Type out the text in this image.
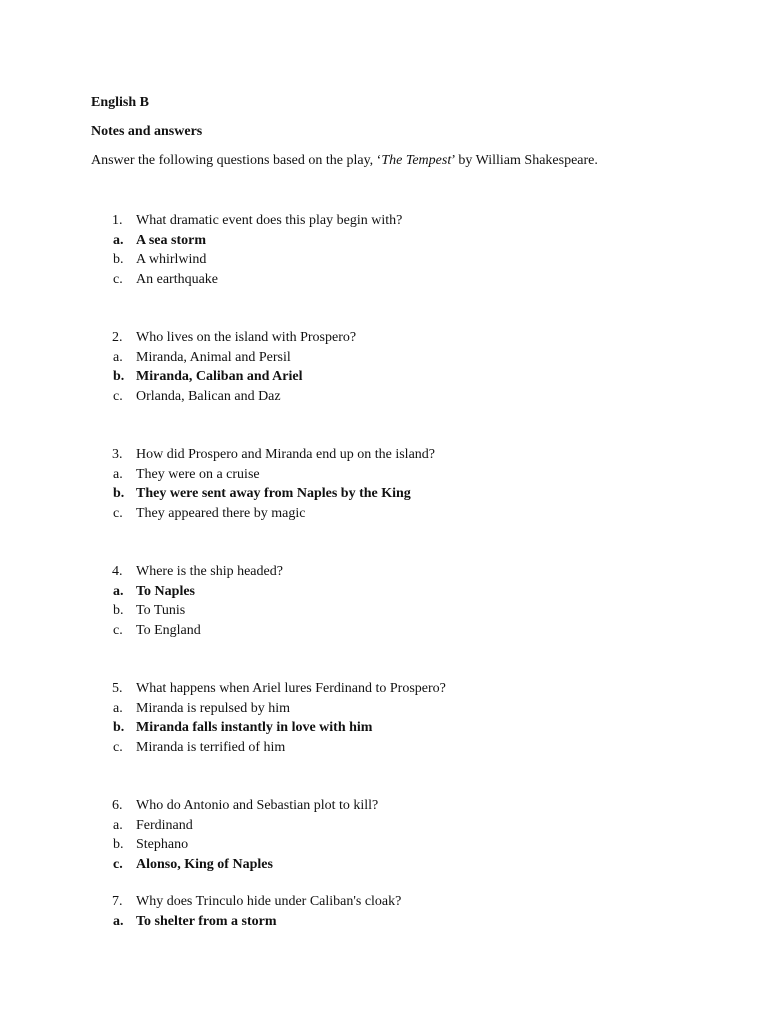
English B
Notes and answers
Answer the following questions based on the play, ‘The Tempest’ by William Shakespeare.
1. What dramatic event does this play begin with?
a. A sea storm
b. A whirlwind
c. An earthquake
2. Who lives on the island with Prospero?
a. Miranda, Animal and Persil
b. Miranda, Caliban and Ariel
c. Orlanda, Balican and Daz
3. How did Prospero and Miranda end up on the island?
a. They were on a cruise
b. They were sent away from Naples by the King
c. They appeared there by magic
4. Where is the ship headed?
a. To Naples
b. To Tunis
c. To England
5. What happens when Ariel lures Ferdinand to Prospero?
a. Miranda is repulsed by him
b. Miranda falls instantly in love with him
c. Miranda is terrified of him
6. Who do Antonio and Sebastian plot to kill?
a. Ferdinand
b. Stephano
c. Alonso, King of Naples
7. Why does Trinculo hide under Caliban's cloak?
a. To shelter from a storm
